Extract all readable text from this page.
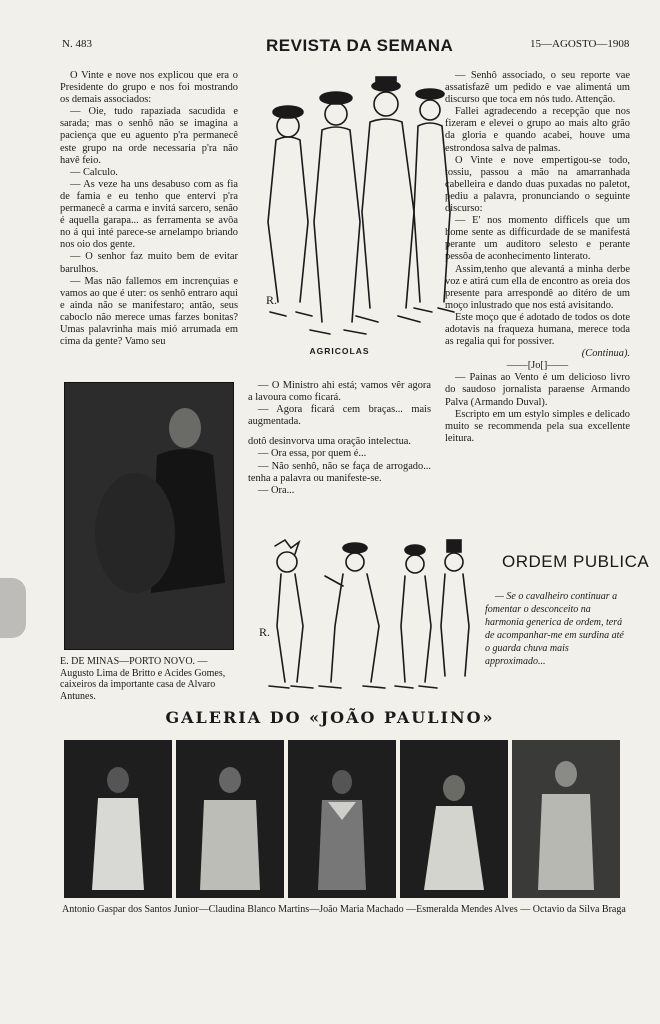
N. 483	REVISTA DA SEMANA	15—AGOSTO—1908

O Vinte e nove nos explicou que era o Presidente do grupo e nos foi mostrando os demais associados:

— Oie, tudo rapaziada sacudida e sarada; mas o senhô não se imagina a paciença que eu aguento p'ra permanecê este grupo na orde necessaria p'ra não havê feio.

— Calculo.

— As veze ha uns desabuso com as fia de famia e eu tenho que entervi p'ra permanecê a carma e invitá sarcero, senão é aquella garapa... as ferramenta se avôa no á qui inté parece-se arnelampo briando nos oio dos gente.

— O senhor faz muito bem de evitar barulhos.

— Mas não fallemos em incrençuias e vamos ao que é uter: os senhô entraro aqui e ainda não se manifestaro; antão, seus caboclo não merece umas farzes bonitas? Umas palavrinha mais mió arrumada em cima da gente? Vamo seu

R.
AGRICOLAS

— O Ministro ahi está; vamos vêr agora a lavoura como ficará.

— Agora ficará cem braças... mais augmentada.

dotô desinvorva uma oração intelectua.

— Ora essa, por quem é...

— Não senhô, não se faça de arrogado... tenha a palavra ou manifeste-se.

— Ora...

— Senhô associado, o seu reporte vae assatisfazê um pedido e vae alimentá um discurso que toca em nós tudo. Attenção.

Fallei agradecendo a recepção que nos fizeram e elevei o grupo ao mais alto grão da gloria e quando acabei, houve uma estrondosa salva de palmas.

O Vinte e nove empertigou-se todo, tossiu, passou a mão na amarranhada cabelleira e dando duas puxadas no paletot, pediu a palavra, pronunciando o seguinte discurso:

— E' nos momento difficels que um home sente as difficurdade de se manifestá perante um auditoro selesto e perante pessôa de aconhecimento linterato.

Assim,tenho que alevantá a minha derbe voz e atirá cum ella de encontro as oreia dos presente para arrespondê ao ditéro de um moço inlustrado que nos está avisitando.

Este moço que é adotado de todos os dote adotavis na fraqueza humana, merece toda as regalia qui for possiver.

(Continua).

——[Jo[]——

— Painas ao Vento é um delicioso livro do saudoso jornalista paraense Armando Palva (Armando Duval).

Escripto em um estylo simples e delicado muito se recommenda pela sua excellente leitura.

E. DE MINAS—PORTO NOVO. —Augusto Lima de Britto e Acides Gomes, caixeiros da importante casa de Alvaro Antunes.
R.
ORDEM PUBLICA

— Se o cavalheiro continuar a fomentar o desconceito na harmonia generica de ordem, terá de acompanhar-me em surdina até o guarda chuva mais approximado...

GALERIA DO «JOÃO PAULINO»
Antonio Gaspar dos Santos Junior—Claudina Blanco Martins—João Maria Machado —Esmeralda Mendes Alves — Octavio da Silva Braga
